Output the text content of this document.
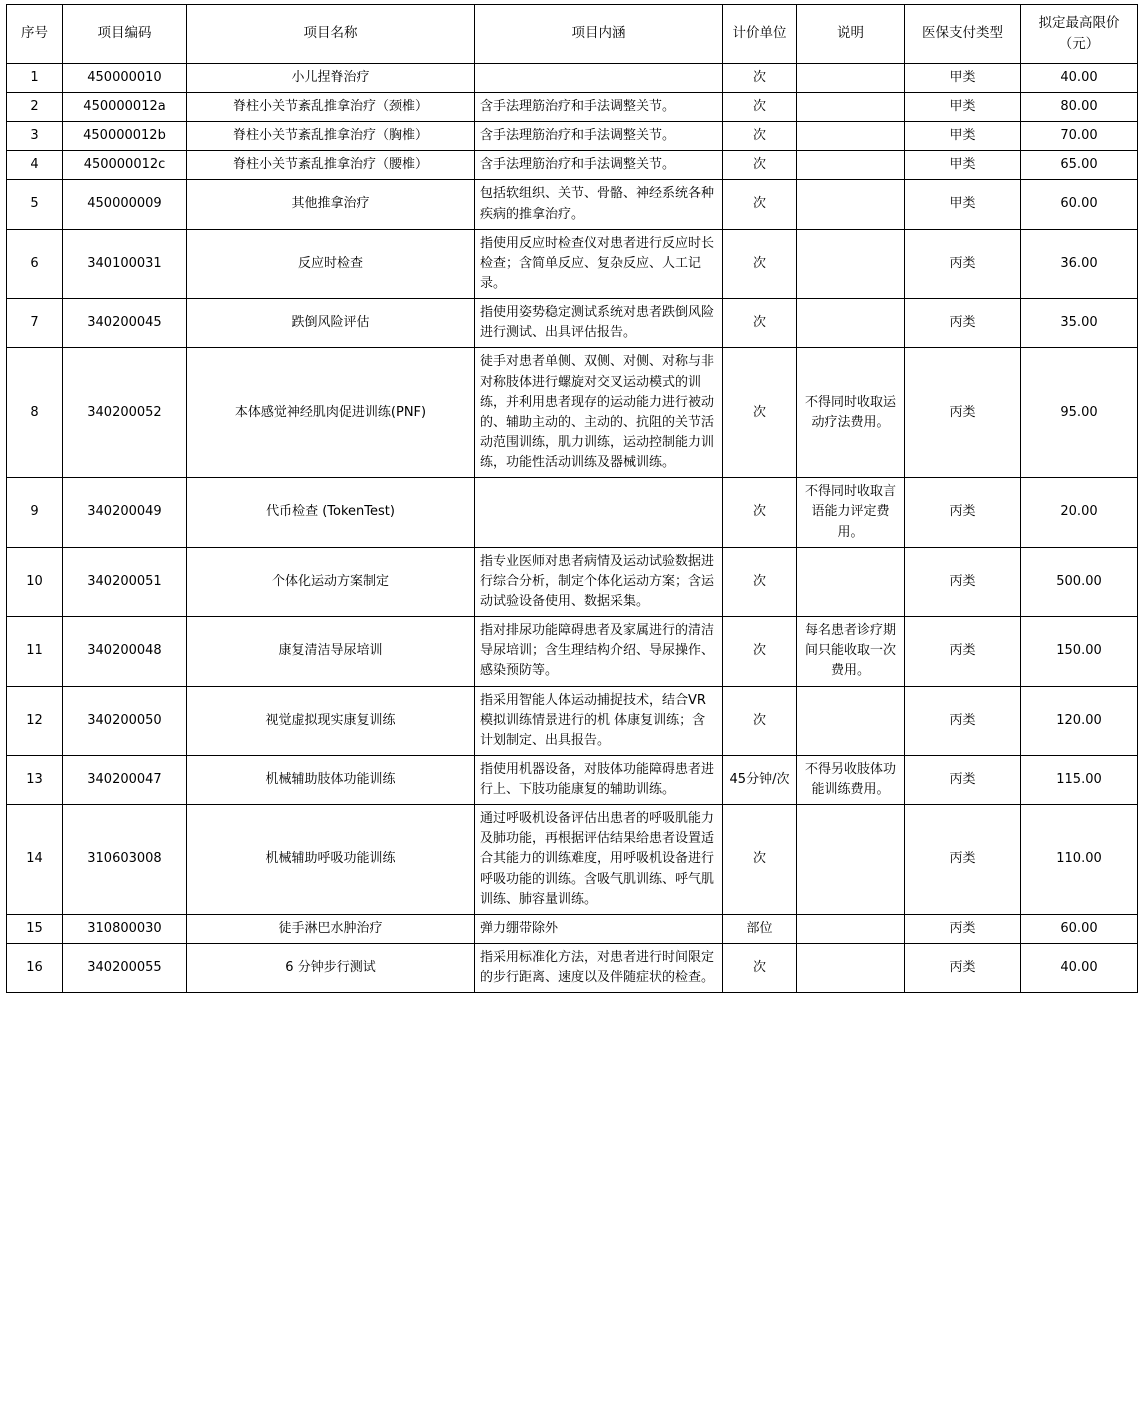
序号	项目编码	项目名称	项目内涵	计价单位	说明	医保支付类型	拟定最高限价（元）
1	450000010	小儿捏脊治疗		次		甲类	40.00
2	450000012a	脊柱小关节紊乱推拿治疗（颈椎）	含手法理筋治疗和手法调整关节。	次		甲类	80.00
3	450000012b	脊柱小关节紊乱推拿治疗（胸椎）	含手法理筋治疗和手法调整关节。	次		甲类	70.00
4	450000012c	脊柱小关节紊乱推拿治疗（腰椎）	含手法理筋治疗和手法调整关节。	次		甲类	65.00
5	450000009	其他推拿治疗	包括软组织、关节、骨骼、神经系统各种疾病的推拿治疗。	次		甲类	60.00
6	340100031	反应时检查	指使用反应时检查仪对患者进行反应时长检查；含简单反应、复杂反应、人工记录。	次		丙类	36.00
7	340200045	跌倒风险评估	指使用姿势稳定测试系统对患者跌倒风险进行测试、出具评估报告。	次		丙类	35.00
8	340200052	本体感觉神经肌肉促进训练(PNF)	徒手对患者单侧、双侧、对侧、对称与非对称肢体进行螺旋对交叉运动模式的训练，并利用患者现存的运动能力进行被动的、辅助主动的、主动的、抗阻的关节活动范围训练，肌力训练，运动控制能力训练，功能性活动训练及器械训练。	次	不得同时收取运动疗法费用。	丙类	95.00
9	340200049	代币检查 (TokenTest)		次	不得同时收取言语能力评定费用。	丙类	20.00
10	340200051	个体化运动方案制定	指专业医师对患者病情及运动试验数据进行综合分析，制定个体化运动方案；含运动试验设备使用、数据采集。	次		丙类	500.00
11	340200048	康复清洁导尿培训	指对排尿功能障碍患者及家属进行的清洁导尿培训；含生理结构介绍、导尿操作、感染预防等。	次	每名患者诊疗期间只能收取一次费用。	丙类	150.00
12	340200050	视觉虚拟现实康复训练	指采用智能人体运动捕捉技术，结合VR模拟训练情景进行的机 体康复训练；含计划制定、出具报告。	次		丙类	120.00
13	340200047	机械辅助肢体功能训练	指使用机器设备，对肢体功能障碍患者进行上、下肢功能康复的辅助训练。	45分钟/次	不得另收肢体功能训练费用。	丙类	115.00
14	310603008	机械辅助呼吸功能训练	通过呼吸机设备评估出患者的呼吸肌能力及肺功能，再根据评估结果给患者设置适合其能力的训练难度，用呼吸机设备进行呼吸功能的训练。含吸气肌训练、呼气肌训练、肺容量训练。	次		丙类	110.00
15	310800030	徒手淋巴水肿治疗	弹力绷带除外	部位		丙类	60.00
16	340200055	6 分钟步行测试	指采用标准化方法，对患者进行时间限定的步行距离、速度以及伴随症状的检查。	次		丙类	40.00
